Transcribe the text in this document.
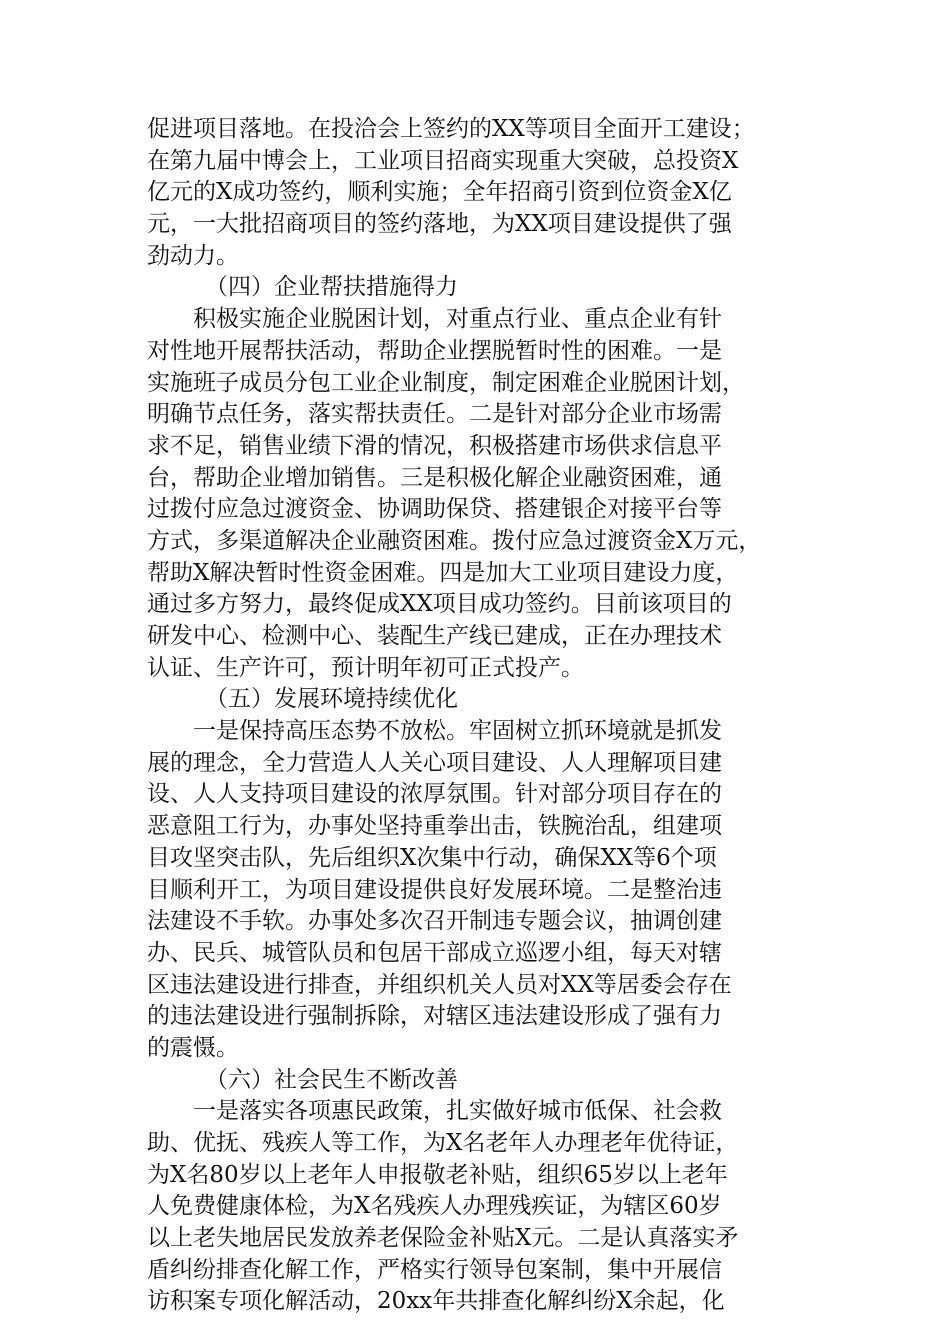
促进项目落地。在投洽会上签约的XX等项目全面开工建设；
在第九届中博会上，工业项目招商实现重大突破，总投资X
亿元的X成功签约，顺利实施；全年招商引资到位资金X亿
元，一大批招商项目的签约落地，为XX项目建设提供了强
劲动力。
（四）企业帮扶措施得力
积极实施企业脱困计划，对重点行业、重点企业有针
对性地开展帮扶活动，帮助企业摆脱暂时性的困难。一是
实施班子成员分包工业企业制度，制定困难企业脱困计划，
明确节点任务，落实帮扶责任。二是针对部分企业市场需
求不足，销售业绩下滑的情况，积极搭建市场供求信息平
台，帮助企业增加销售。三是积极化解企业融资困难，通
过拨付应急过渡资金、协调助保贷、搭建银企对接平台等
方式，多渠道解决企业融资困难。拨付应急过渡资金X万元，
帮助X解决暂时性资金困难。四是加大工业项目建设力度，
通过多方努力，最终促成XX项目成功签约。目前该项目的
研发中心、检测中心、装配生产线已建成，正在办理技术
认证、生产许可，预计明年初可正式投产。
（五）发展环境持续优化
一是保持高压态势不放松。牢固树立抓环境就是抓发
展的理念，全力营造人人关心项目建设、人人理解项目建
设、人人支持项目建设的浓厚氛围。针对部分项目存在的
恶意阻工行为，办事处坚持重拳出击，铁腕治乱，组建项
目攻坚突击队，先后组织X次集中行动，确保XX等6个项
目顺利开工，为项目建设提供良好发展环境。二是整治违
法建设不手软。办事处多次召开制违专题会议，抽调创建
办、民兵、城管队员和包居干部成立巡逻小组，每天对辖
区违法建设进行排查，并组织机关人员对XX等居委会存在
的违法建设进行强制拆除，对辖区违法建设形成了强有力
的震慑。
（六）社会民生不断改善
一是落实各项惠民政策，扎实做好城市低保、社会救
助、优抚、残疾人等工作，为X名老年人办理老年优待证，
为X名80岁以上老年人申报敬老补贴，组织65岁以上老年
人免费健康体检，为X名残疾人办理残疾证，为辖区60岁
以上老失地居民发放养老保险金补贴X元。二是认真落实矛
盾纠纷排查化解工作，严格实行领导包案制，集中开展信
访积案专项化解活动，20xx年共排查化解纠纷X余起，化
